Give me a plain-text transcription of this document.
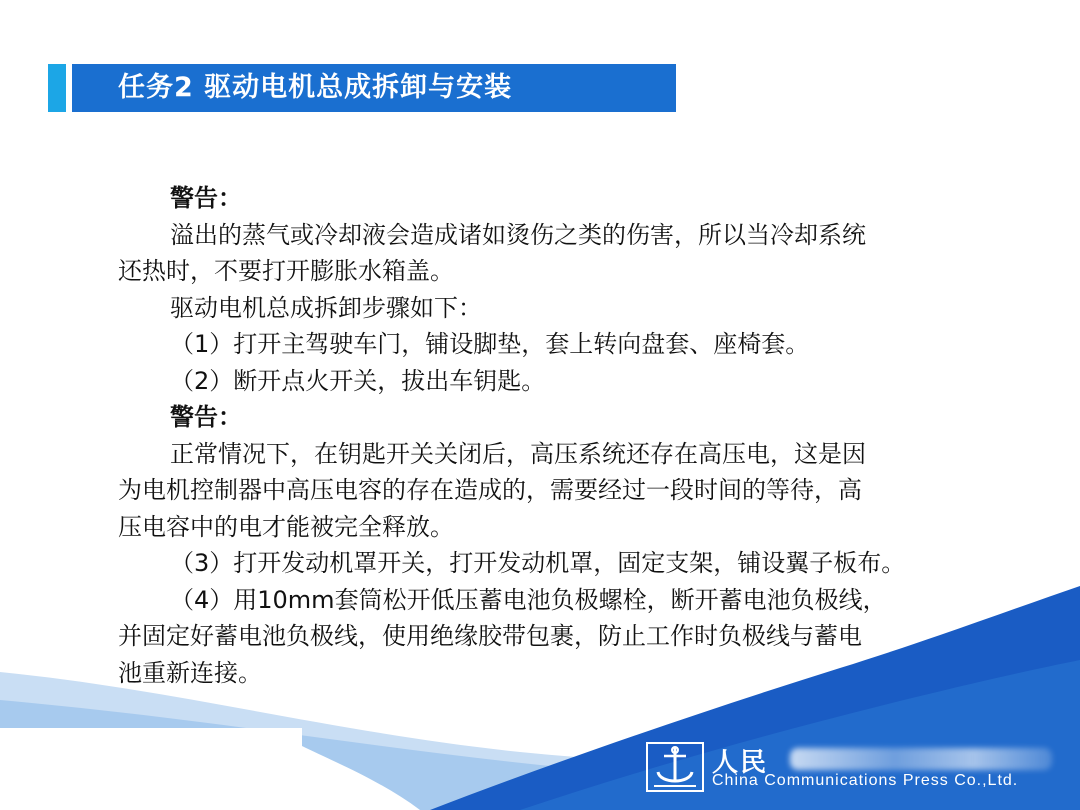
任务2 驱动电机总成拆卸与安装
警告：
溢出的蒸气或冷却液会造成诸如烫伤之类的伤害，所以当冷却系统
还热时，不要打开膨胀水箱盖。
驱动电机总成拆卸步骤如下：
（1）打开主驾驶车门，铺设脚垫，套上转向盘套、座椅套。
（2）断开点火开关，拔出车钥匙。
警告：
正常情况下，在钥匙开关关闭后，高压系统还存在高压电，这是因
为电机控制器中高压电容的存在造成的，需要经过一段时间的等待，高
压电容中的电才能被完全释放。
（3）打开发动机罩开关，打开发动机罩，固定支架，铺设翼子板布。
（4）用10mm套筒松开低压蓄电池负极螺栓，断开蓄电池负极线，
并固定好蓄电池负极线，使用绝缘胶带包裹，防止工作时负极线与蓄电
池重新连接。
人民
China Communications Press Co.,Ltd.
